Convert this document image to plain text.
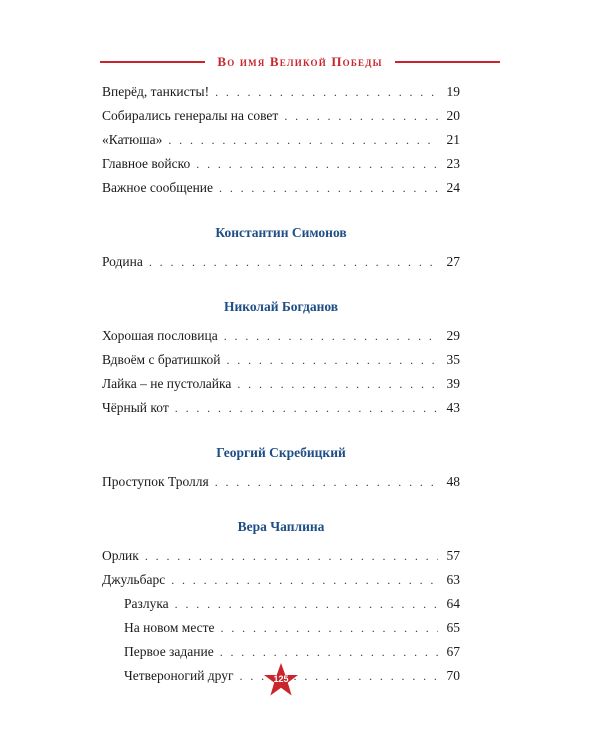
Во имя Великой Победы
Вперёд, танкисты! . . .	19
Собирались генералы на совет . . .	20
«Катюша» . . .	21
Главное войско . . .	23
Важное сообщение . . .	24
Константин Симонов
Родина . . .	27
Николай Богданов
Хорошая пословица . . .	29
Вдвоём с братишкой . . .	35
Лайка – не пустолайка . . .	39
Чёрный кот . . .	43
Георгий Скребицкий
Проступок Тролля . . .	48
Вера Чаплина
Орлик . . .	57
Джульбарс . . .	63
Разлука . . .	64
На новом месте . . .	65
Первое задание . . .	67
Четвероногий друг . . .	70
125
